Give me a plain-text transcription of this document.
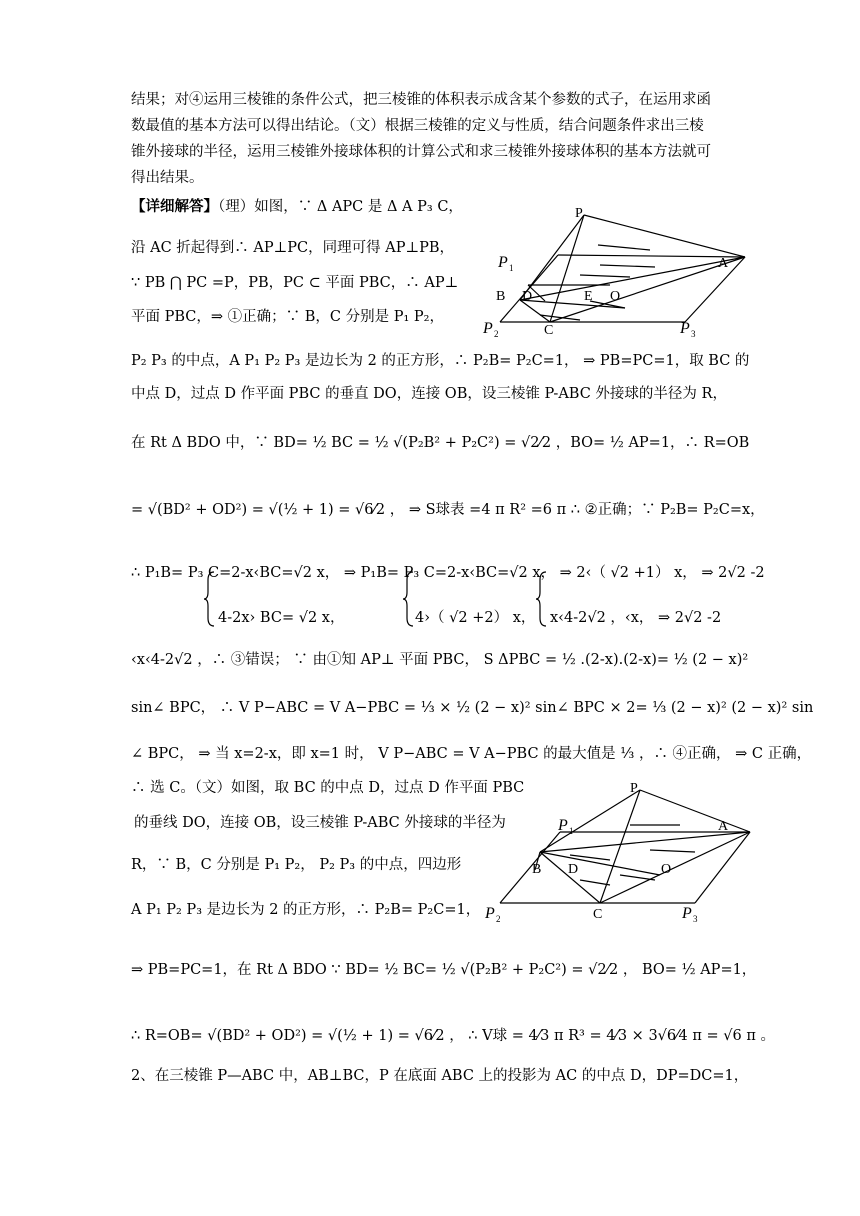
结果；对④运用三棱锥的条件公式，把三棱锥的体积表示成含某个参数的式子，在运用求函
数最值的基本方法可以得出结论。（文）根据三棱锥的定义与性质，结合问题条件求出三棱
锥外接球的半径，运用三棱锥外接球体积的计算公式和求三棱锥外接球体积的基本方法就可
得出结果。
【详细解答】（理）如图，∵ Δ APC 是 Δ A P₃ C，
沿 AC 折起得到∴ AP⊥PC，同理可得 AP⊥PB，
∵ PB ⋂ PC =P，PB，PC ⊂ 平面 PBC，∴ AP⊥
平面 PBC，⇒ ①正确；∵ B，C 分别是 P₁ P₂，
P₂ P₃ 的中点，A P₁ P₂ P₃ 是边长为 2 的正方形，∴ P₂B= P₂C=1， ⇒ PB=PC=1，取 BC 的
中点 D，过点 D 作平面 PBC 的垂直 DO，连接 OB，设三棱锥 P-ABC 外接球的半径为 R，
在 Rt Δ BDO 中，∵ BD= ½ BC = ½ √(P₂B² + P₂C²) = √2⁄2 ，BO= ½ AP=1，∴ R=OB
= √(BD² + OD²) = √(½ + 1) = √6⁄2 ， ⇒ S球表 =4 π R² =6 π ∴ ②正确；∵ P₂B= P₂C=x，
∴ P₁B= P₃ C=2-x‹BC=√2 x， ⇒ P₁B= P₃ C=2-x‹BC=√2 x， ⇒ 2‹（ √2 +1） x， ⇒ 2√2 -2
4-2x› BC= √2 x，	4›（ √2 +2） x， x‹4-2√2 ，‹x， ⇒ 2√2 -2
‹x‹4-2√2 ，∴ ③错误； ∵ 由①知 AP⊥ 平面 PBC， S ΔPBC = ½ .(2-x).(2-x)= ½ (2 − x)²
sin∠ BPC， ∴ V P−ABC = V A−PBC = ⅓ × ½ (2 − x)² sin∠ BPC × 2= ⅓ (2 − x)² (2 − x)² sin
∠ BPC， ⇒ 当 x=2-x，即 x=1 时， V P−ABC = V A−PBC 的最大值是 ⅓ ，∴ ④正确， ⇒ C 正确，
∴ 选 C。（文）如图，取 BC 的中点 D，过点 D 作平面 PBC
的垂线 DO，连接 OB，设三棱锥 P-ABC 外接球的半径为
R，∵ B，C 分别是 P₁ P₂， P₂ P₃ 的中点，四边形
A P₁ P₂ P₃ 是边长为 2 的正方形，∴ P₂B= P₂C=1，
⇒ PB=PC=1，在 Rt Δ BDO ∵ BD= ½ BC= ½ √(P₂B² + P₂C²) = √2⁄2 ， BO= ½ AP=1，
∴ R=OB= √(BD² + OD²) = √(½ + 1) = √6⁄2 ， ∴ V球 = 4⁄3 π R³ = 4⁄3 × 3√6⁄4 π = √6 π 。
2、在三棱锥 P—ABC 中，AB⊥BC，P 在底面 ABC 上的投影为 AC 的中点 D，DP=DC=1，
P
A
P 1
B D	E O
P 2	C	P 3
P
A
P 1
B D	O
P 2	C	P 3
